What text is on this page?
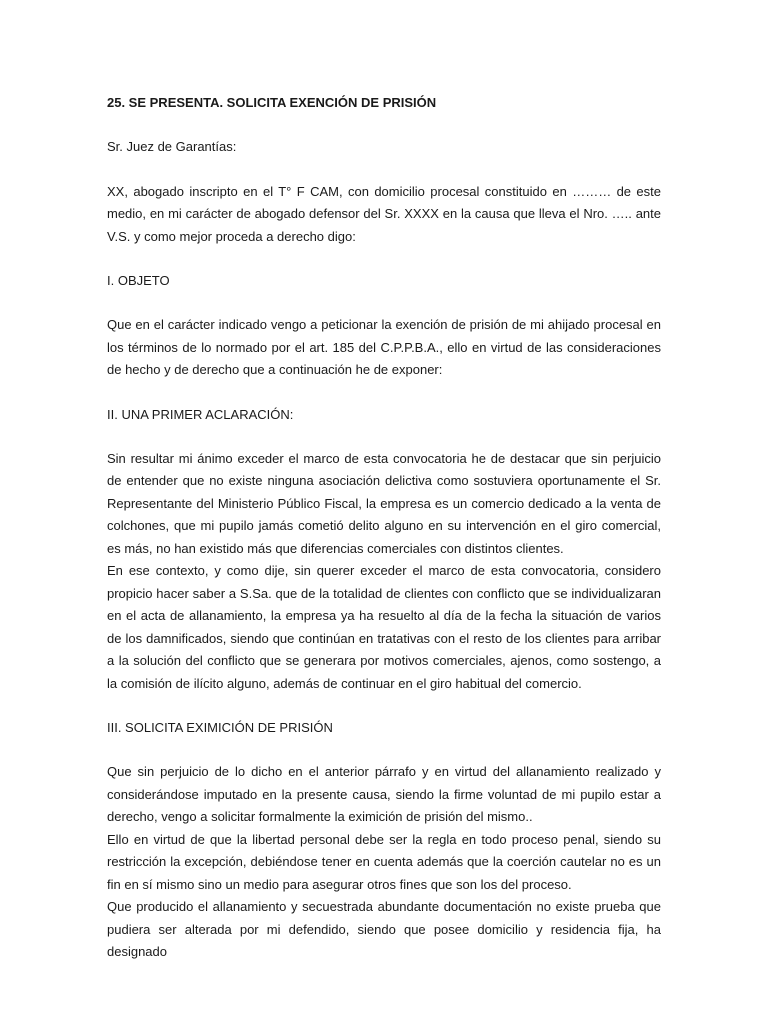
25. SE PRESENTA. SOLICITA EXENCIÓN DE PRISIÓN

Sr. Juez de Garantías:

XX, abogado inscripto en el T° F CAM, con domicilio procesal constituido en ……… de este medio, en mi carácter de abogado defensor del Sr. XXXX en la causa que lleva el Nro. ….. ante V.S. y como mejor proceda a derecho digo:

I. OBJETO

Que en el carácter indicado vengo a peticionar la exención de prisión de mi ahijado procesal en los términos de lo normado por el art. 185 del C.P.P.B.A., ello en virtud de las consideraciones de hecho y de derecho que a continuación he de exponer:

II. UNA PRIMER ACLARACIÓN:

Sin resultar mi ánimo exceder el marco de esta convocatoria he de destacar que sin perjuicio de entender que no existe ninguna asociación delictiva como sostuviera oportunamente el Sr. Representante del Ministerio Público Fiscal, la empresa es un comercio dedicado a la venta de colchones, que mi pupilo jamás cometió delito alguno en su intervención en el giro comercial, es más, no han existido más que diferencias comerciales con distintos clientes.

En ese contexto, y como dije, sin querer exceder el marco de esta convocatoria, considero propicio hacer saber a S.Sa. que de la totalidad de clientes con conflicto que se individualizaran en el acta de allanamiento, la empresa ya ha resuelto al día de la fecha la situación de varios de los damnificados, siendo que continúan en tratativas con el resto de los clientes para arribar a la solución del conflicto que se generara por motivos comerciales, ajenos, como sostengo, a la comisión de ilícito alguno, además de continuar en el giro habitual del comercio.

III. SOLICITA EXIMICIÓN DE PRISIÓN

Que sin perjuicio de lo dicho en el anterior párrafo y en virtud del allanamiento realizado y considerándose imputado en la presente causa, siendo la firme voluntad de mi pupilo estar a derecho, vengo a solicitar formalmente la eximición de prisión del mismo..

Ello en virtud de que la libertad personal debe ser la regla en todo proceso penal, siendo su restricción la excepción, debiéndose tener en cuenta además que la coerción cautelar no es un fin en sí mismo sino un medio para asegurar otros fines que son los del proceso.

Que producido el allanamiento y secuestrada abundante documentación no existe prueba que pudiera ser alterada por mi defendido, siendo que posee domicilio y residencia fija, ha designado
